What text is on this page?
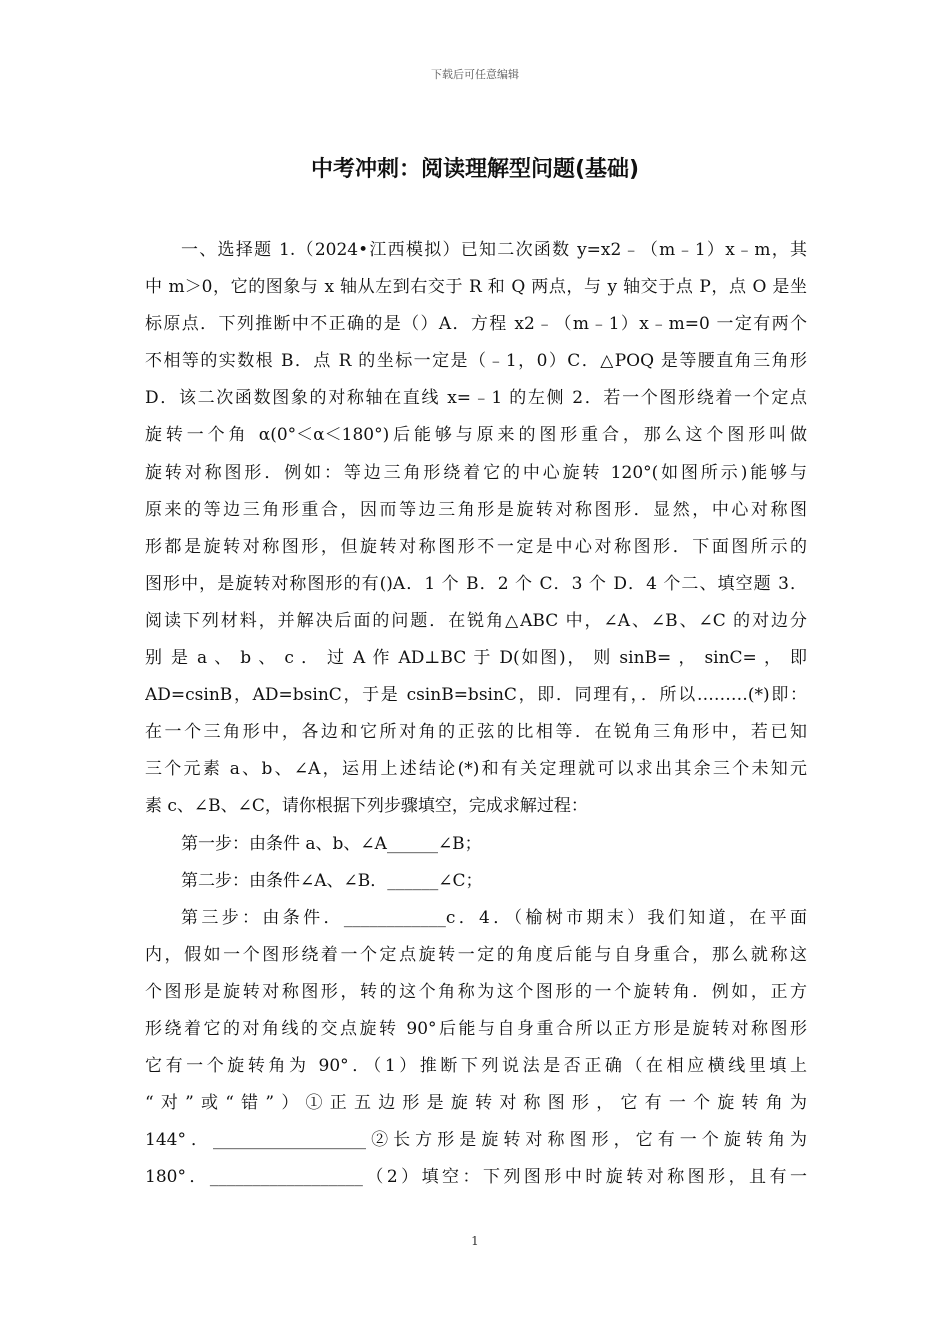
下载后可任意编辑
中考冲刺：阅读理解型问题(基础)
一、选择题 1.（2024•江西模拟）已知二次函数 y=x2﹣（m﹣1）x﹣m，其
中 m＞0，它的图象与 x 轴从左到右交于 R 和 Q 两点，与 y 轴交于点 P，点 O 是坐
标原点．下列推断中不正确的是（）A．方程 x2﹣（m﹣1）x﹣m=0 一定有两个
不相等的实数根 B．点 R 的坐标一定是（﹣1，0）C．△POQ 是等腰直角三角形
D．该二次函数图象的对称轴在直线 x=﹣1 的左侧 2．若一个图形绕着一个定点
旋转一个角 α(0°＜α＜180°)后能够与原来的图形重合，那么这个图形叫做
旋转对称图形．例如：等边三角形绕着它的中心旋转 120°(如图所示)能够与
原来的等边三角形重合，因而等边三角形是旋转对称图形．显然，中心对称图
形都是旋转对称图形，但旋转对称图形不一定是中心对称图形．下面图所示的
图形中，是旋转对称图形的有()A．1 个 B．2 个 C．3 个 D．4 个二、填空题 3．
阅读下列材料，并解决后面的问题．在锐角△ABC 中，∠A、∠B、∠C 的对边分
别 是 a 、 b 、 c ． 过 A 作 AD⊥BC 于 D(如图)， 则 sinB= ， sinC= ， 即
AD=csinB，AD=bsinC，于是 csinB=bsinC，即．同理有，．所以………(*)即：
在一个三角形中，各边和它所对角的正弦的比相等．在锐角三角形中，若已知
三个元素 a、b、∠A，运用上述结论(*)和有关定理就可以求出其余三个未知元
素 c、∠B、∠C，请你根据下列步骤填空，完成求解过程：
第一步：由条件 a、b、∠A______∠B；
第二步：由条件∠A、∠B．______∠C；
第三步：由条件．____________c．4．（榆树市期末）我们知道，在平面
内，假如一个图形绕着一个定点旋转一定的角度后能与自身重合，那么就称这
个图形是旋转对称图形，转的这个角称为这个图形的一个旋转角．例如，正方
形绕着它的对角线的交点旋转 90°后能与自身重合所以正方形是旋转对称图形
它有一个旋转角为 90°．（1）推断下列说法是否正确（在相应横线里填上
“对”或“错”）①正五边形是旋转对称图形，它有一个旋转角为
144°．__________________②长方形是旋转对称图形，它有一个旋转角为
180°．__________________（2）填空：下列图形中时旋转对称图形，且有一
1
